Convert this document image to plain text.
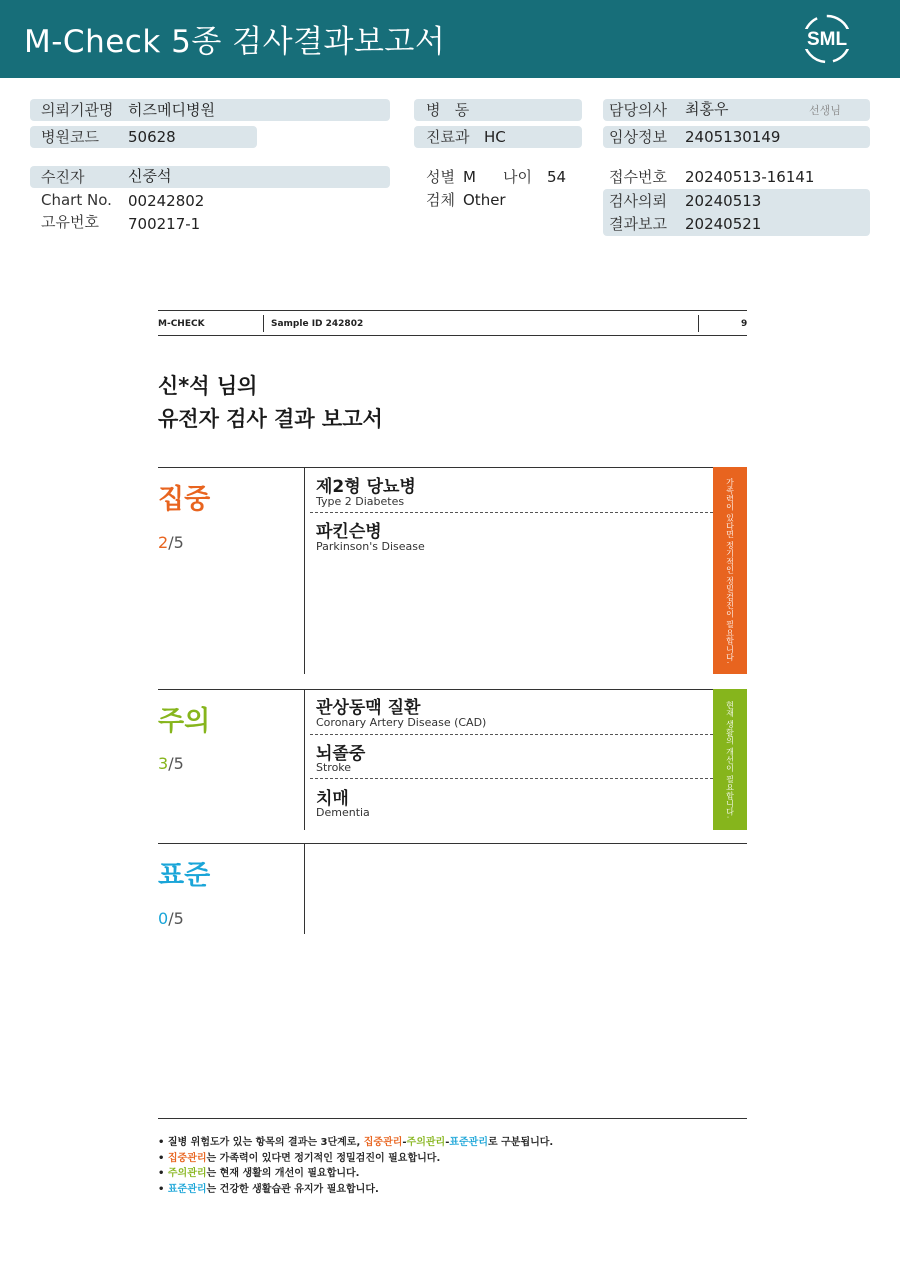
M-Check 5종 검사결과보고서	SML
의뢰기관명 히즈메디병원	병   동	담당의사 최홍우	선생님
병원코드 50628	진료과 HC	임상정보 2405130149
수진자	신중석	성별 M 나이 54	접수번호 20240513-16141
Chart No. 00242802	검체 Other	검사의뢰 20240513
고유번호 700217-1	결과보고 20240521
M-CHECK	Sample ID 242802	9
신*석 님의
유전자 검사 결과 보고서
집중
2/5
제2형 당뇨병
Type 2 Diabetes
파킨슨병
Parkinson's Disease	가족력이 있다면 정기적인 정밀검진이 필요합니다.
주의
3/5
관상동맥 질환
Coronary Artery Disease (CAD)
뇌졸중
Stroke
치매
Dementia	현재 생활의 개선이 필요합니다.
표준
0/5
• 질병 위험도가 있는 항목의 결과는 3단계로, 집중관리-주의관리-표준관리로 구분됩니다.
• 집중관리는 가족력이 있다면 정기적인 정밀검진이 필요합니다.
• 주의관리는 현재 생활의 개선이 필요합니다.
• 표준관리는 건강한 생활습관 유지가 필요합니다.
